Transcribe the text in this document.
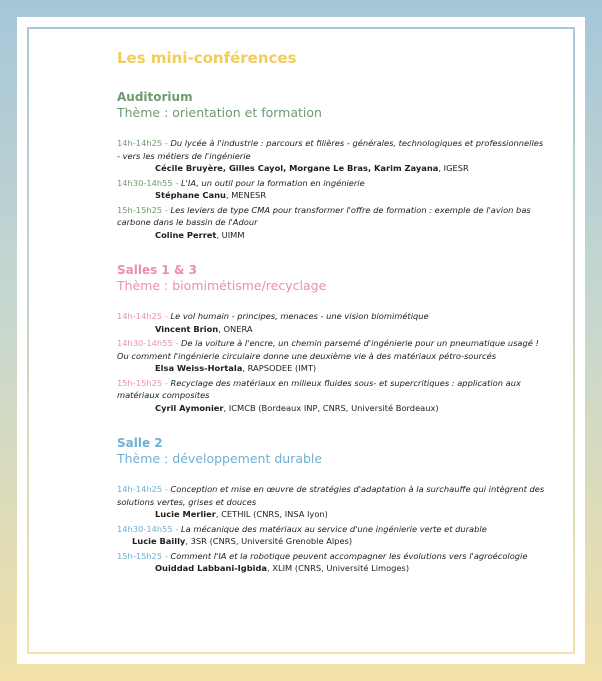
Les mini-conférences
Auditorium
Thème : orientation et formation
14h-14h25 - Du lycée à l'industrie : parcours et filières - générales, technologiques et professionnelles - vers les métiers de l'ingénierie
Cécile Bruyère, Gilles Cayol, Morgane Le Bras, Karim Zayana, IGESR
14h30-14h55 - L'IA, un outil pour la formation en ingénierie
Stéphane Canu, MENESR
15h-15h25 - Les leviers de type CMA pour transformer l'offre de formation : exemple de l'avion bas carbone dans le bassin de l'Adour
Coline Perret, UIMM
Salles 1 & 3
Thème : biomimétisme/recyclage
14h-14h25 - Le vol humain - principes, menaces - une vision biomimétique
Vincent Brion, ONERA
14h30-14h55 - De la voiture à l'encre, un chemin parsemé d'ingénierie pour un pneumatique usagé ! Ou comment l'ingénierie circulaire donne une deuxième vie à des matériaux pétro-sourcés
Elsa Weiss-Hortala, RAPSODEE (IMT)
15h-15h25 - Recyclage des matériaux en milieux fluides sous- et supercritiques : application aux matériaux composites
Cyril Aymonier, ICMCB (Bordeaux INP, CNRS, Université Bordeaux)
Salle 2
Thème : développement durable
14h-14h25 - Conception et mise en œuvre de stratégies d'adaptation à la surchauffe qui intègrent des solutions vertes, grises et douces
Lucie Merlier, CETHIL (CNRS, INSA lyon)
14h30-14h55 - La mécanique des matériaux au service d'une ingénierie verte et durable
Lucie Bailly, 3SR (CNRS, Université Grenoble Alpes)
15h-15h25 - Comment l'IA et la robotique peuvent accompagner les évolutions vers l'agroécologie
Ouiddad Labbani-Igbida, XLIM (CNRS, Université Limoges)
